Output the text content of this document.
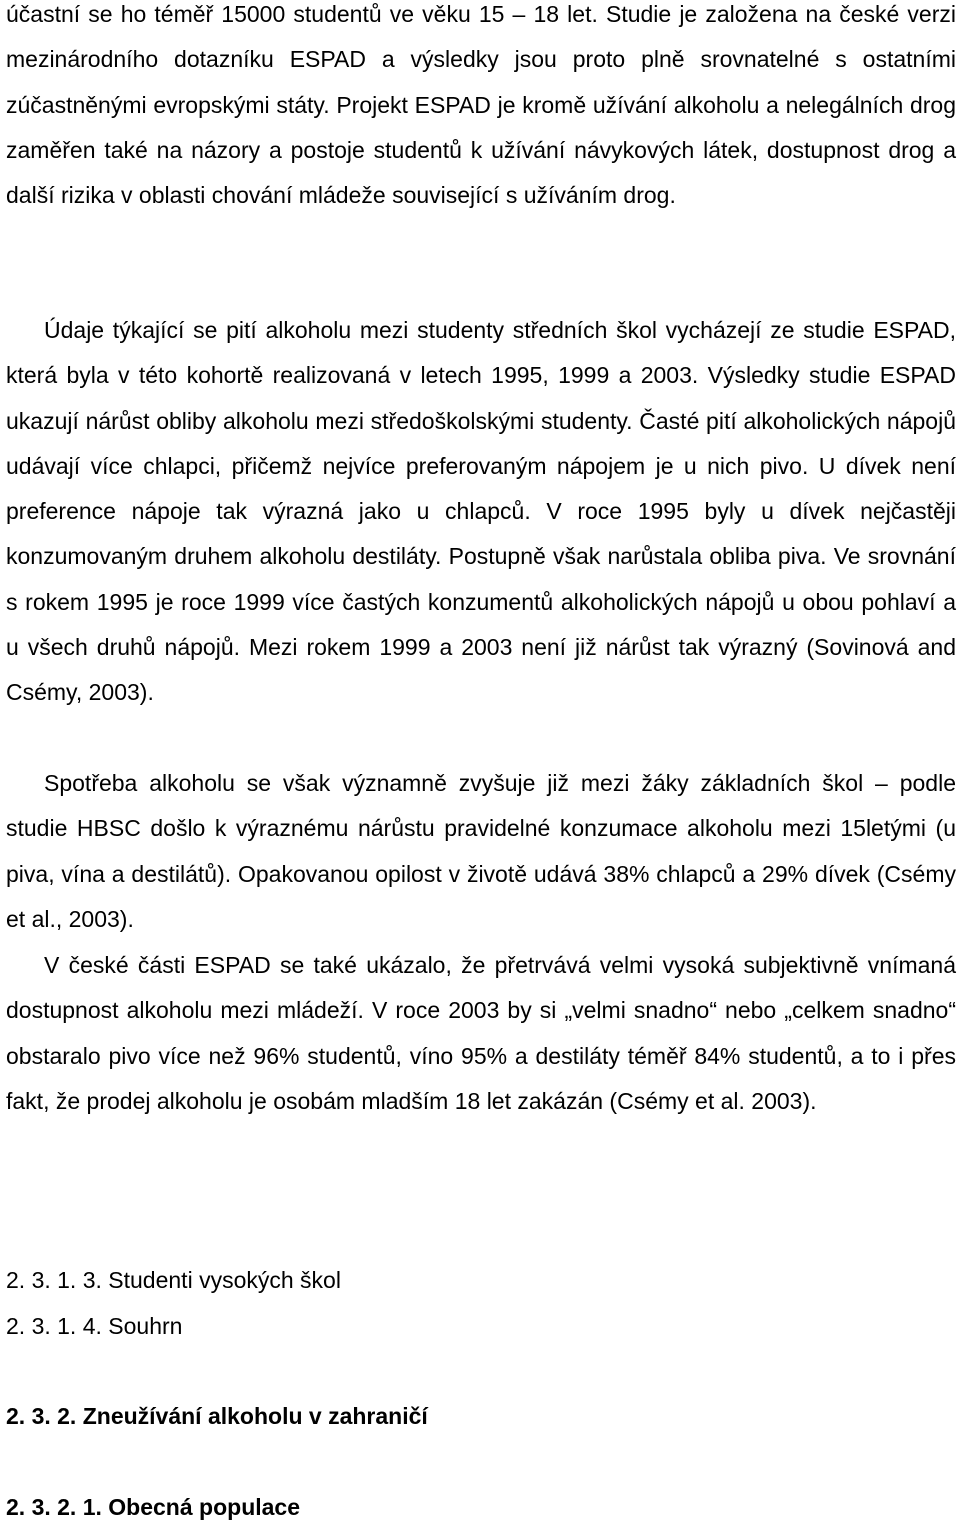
účastní se ho téměř 15000 studentů ve věku 15 – 18 let. Studie je založena na české verzi mezinárodního dotazníku ESPAD a výsledky jsou proto plně srovnatelné s ostatními zúčastněnými evropskými státy. Projekt ESPAD je kromě užívání alkoholu a nelegálních drog zaměřen také na názory a postoje studentů k užívání návykových látek, dostupnost drog a další rizika v oblasti chování mládeže související s užíváním drog.

Údaje týkající se pití alkoholu mezi studenty středních škol vycházejí ze studie ESPAD, která byla v této kohortě realizovaná v letech 1995, 1999 a 2003. Výsledky studie ESPAD ukazují nárůst obliby alkoholu mezi středoškolskými studenty. Časté pití alkoholických nápojů udávají více chlapci, přičemž nejvíce preferovaným nápojem je u nich pivo. U dívek není preference nápoje tak výrazná jako u chlapců. V roce 1995 byly u dívek nejčastěji konzumovaným druhem alkoholu destiláty. Postupně však narůstala obliba piva. Ve srovnání s rokem 1995 je roce 1999 více častých konzumentů alkoholických nápojů u obou pohlaví a u všech druhů nápojů. Mezi rokem 1999 a 2003 není již nárůst tak výrazný (Sovinová and Csémy, 2003).

Spotřeba alkoholu se však významně zvyšuje již mezi žáky základních škol – podle studie HBSC došlo k výraznému nárůstu pravidelné konzumace alkoholu mezi 15letými (u piva, vína a destilátů). Opakovanou opilost v životě udává 38% chlapců a 29% dívek (Csémy et al., 2003).

V české části ESPAD se také ukázalo, že přetrvává velmi vysoká subjektivně vnímaná dostupnost alkoholu mezi mládeží. V roce 2003 by si „velmi snadno“ nebo „celkem snadno“ obstaralo pivo více než 96% studentů, víno 95% a destiláty téměř 84% studentů, a to i přes fakt, že prodej alkoholu je osobám mladším 18 let zakázán (Csémy et al. 2003).

2. 3. 1. 3. Studenti vysokých škol
2. 3. 1. 4. Souhrn
2. 3. 2. Zneužívání alkoholu v zahraničí
2. 3. 2. 1. Obecná populace
